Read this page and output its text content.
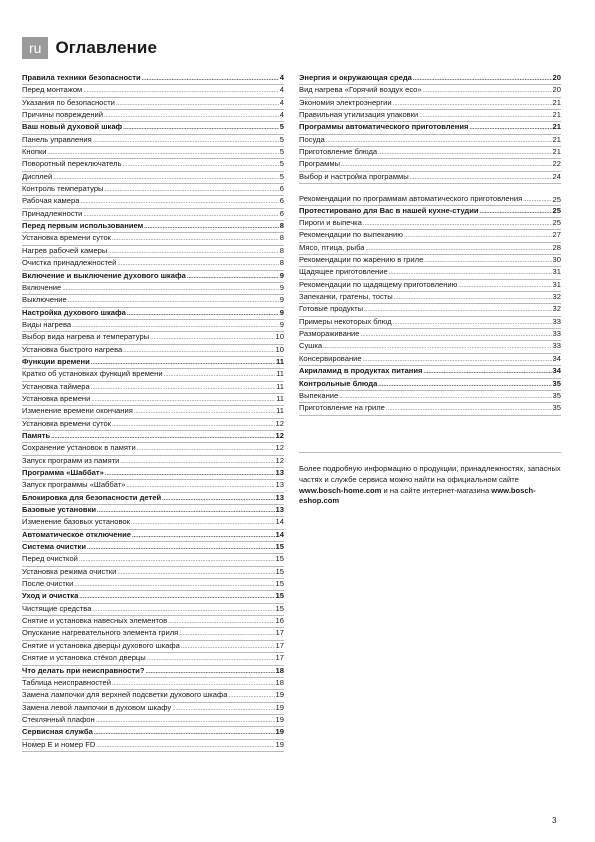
ru Оглавление
Правила техники безопасности .....	4
Перед монтажом .....	4
Указания по безопасности .....	4
Причины повреждений .....	4
Ваш новый духовой шкаф .....	5
Панель управления .....	5
Кнопки .....	5
Поворотный переключатель .....	5
Дисплей .....	5
Контроль температуры .....	6
Рабочая камера .....	6
Принадлежности .....	6
Перед первым использованием .....	8
Установка времени суток .....	8
Нагрев рабочей камеры .....	8
Очистка принадлежностей .....	8
Включение и выключение духового шкафа .....	9
Включение .....	9
Выключение .....	9
Настройка духового шкафа .....	9
Виды нагрева .....	9
Выбор вида нагрева и температуры .....	10
Установка быстрого нагрева .....	10
Функции времени .....	11
Кратко об установках функций времени .....	11
Установка таймера .....	11
Установка времени .....	11
Изменение времени окончания .....	11
Установка времени суток .....	12
Память .....	12
Сохранение установок в памяти .....	12
Запуск программ из памяти .....	12
Программа «Шаббат» .....	13
Запуск программы «Шаббат» .....	13
Блокировка для безопасности детей .....	13
Базовые установки .....	13
Изменение базовых установок .....	14
Автоматическое отключение .....	14
Система очистки .....	15
Перед очисткой .....	15
Установка режима очистки .....	15
После очистки .....	15
Уход и очистка .....	15
Чистящие средства .....	15
Снятие и установка навесных элементов .....	16
Опускание нагревательного элемента гриля .....	17
Снятие и установка дверцы духового шкафа .....	17
Снятие и установка стёкол дверцы .....	17
Что делать при неисправности? .....	18
Таблица неисправностей .....	18
Замена лампочки для верхней подсветки духового шкафа .....	19
Замена левой лампочки в духовом шкафу .....	19
Стеклянный плафон .....	19
Сервисная служба .....	19
Номер Е и номер FD .....	19
Энергия и окружающая среда .....	20
Вид нагрева «Горячий воздух eco» .....	20
Экономия электроэнергии .....	21
Правильная утилизация упаковки .....	21
Программы автоматического приготовления .....	21
Посуда .....	21
Приготовление блюда .....	21
Программы .....	22
Выбор и настройка программы .....	24
Рекомендации по программам автоматического приготовления .....	25
Протестировано для Вас в нашей кухне-студии .....	25
Пироги и выпечка .....	25
Рекомендации по выпеканию .....	27
Мясо, птица, рыба .....	28
Рекомендации по жарению в гриле .....	30
Щадящее приготовление .....	31
Рекомендации по щадящему приготовлению .....	31
Запеканки, гратены, тосты .....	32
Готовые продукты .....	32
Примеры некоторых блюд .....	33
Размораживание .....	33
Сушка .....	33
Консервирование .....	34
Акриламид в продуктах питания .....	34
Контрольные блюда .....	35
Выпекание .....	35
Приготовление на гриле .....	35
Более подробную информацию о продукции, принадлежностях, запасных частях и службе сервиса можно найти на официальном сайте www.bosch-home.com и на сайте интернет-магазина www.bosch-eshop.com
3
